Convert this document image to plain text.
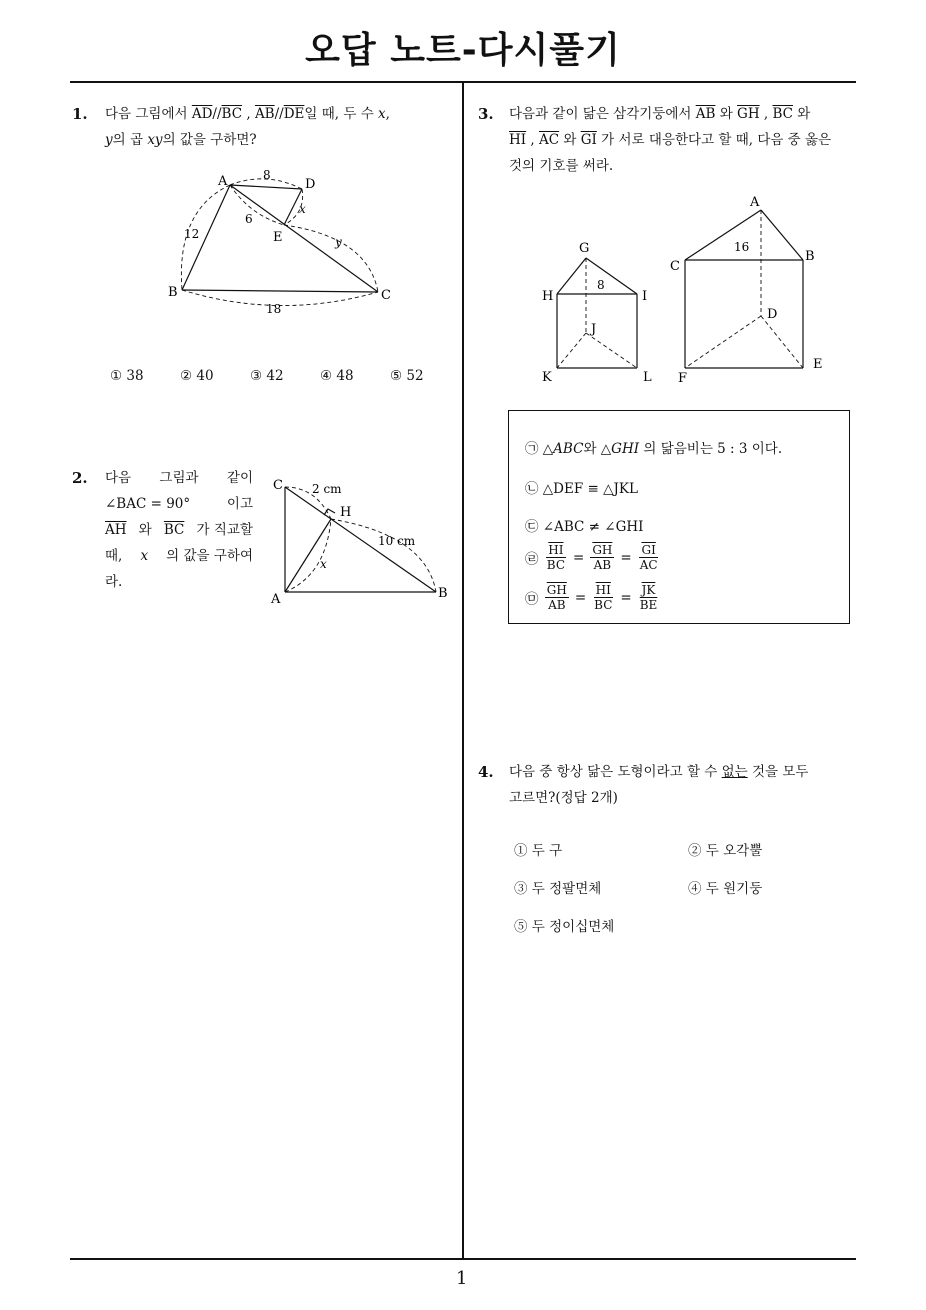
오답 노트-다시풀기
1
1. 다음 그림에서 $\overline{AD}//\overline{BC}$ , $\overline{AB}//\overline{DE}$일 때, 두 수 x,
y의 곱 xy의 값을 구하면?
A	D
E
B	C
8
12
6
18
x
y
① 38	② 40	③ 42	④ 48	⑤ 52
2. 다음 그림과 같이
∠BAC = 90°	이고
$\overline{AH}$ 와 $\overline{BC}$ 가 직교할
때, x 의 값을 구하여
라.
C
H
A	B
2 cm
10 cm
x
3. 다음과 같이 닮은 삼각기둥에서 $\overline{AB}$ 와 $\overline{GH}$ , $\overline{BC}$ 와
$\overline{HI}$ , $\overline{AC}$ 와 $\overline{GI}$ 가 서로 대응한다고 할 때, 다음 중 옳은
것의 기호를 써라.
G
H	I
J
K	L
8
A
B
C
D
E
F
16
㉠ △ABC와 △GHI 의 닮음비는 5 : 3 이다.
㉡ △DEF ≡ △JKL
㉢ ∠ABC ≠ ∠GHI
㉣ $\frac{\overline{HI}}{BC} = \frac{\overline{GH}}{AB} = \frac{\overline{GI}}{AC}$
㉤ $\frac{\overline{GH}}{AB} = \frac{\overline{HI}}{BC} = \frac{\overline{JK}}{BE}$
4. 다음 중 항상 닮은 도형이라고 할 수 없는 것을 모두
고르면?(정답 2개)
① 두 구	② 두 오각뿔
③ 두 정팔면체	④ 두 원기둥
⑤ 두 정이십면체
